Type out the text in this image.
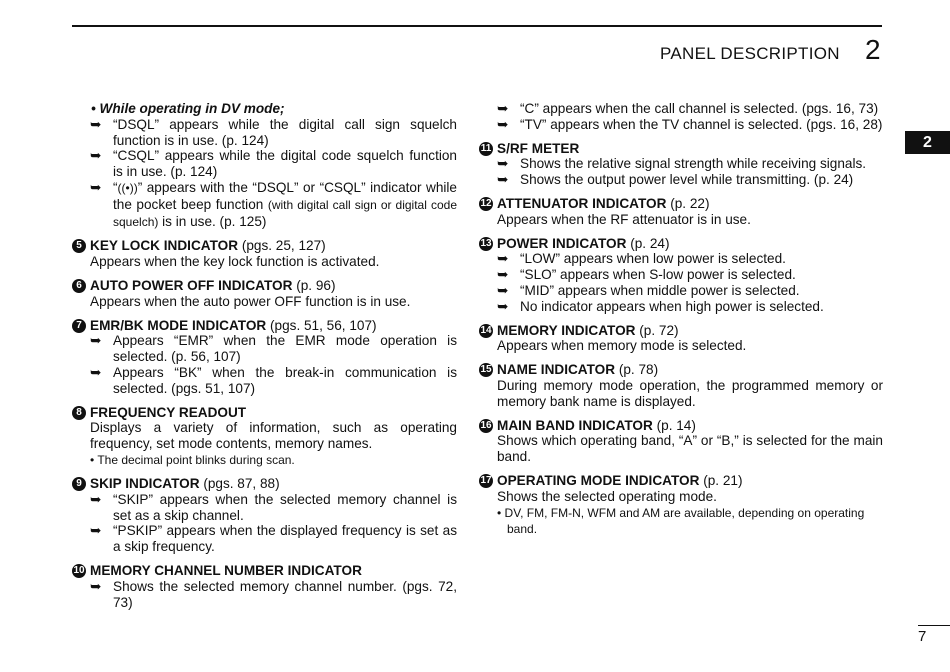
PANEL DESCRIPTION 2
2
7
• While operating in DV mode;
➥ “DSQL” appears while the digital call sign squelch function is in use. (p. 124)
➥ “CSQL” appears while the digital code squelch function is in use. (p. 124)
➥ “((•))” appears with the “DSQL” or “CSQL” indicator while the pocket beep function (with digital call sign or digital code squelch) is in use. (p. 125)
5 KEY LOCK INDICATOR (pgs. 25, 127)
Appears when the key lock function is activated.
6 AUTO POWER OFF INDICATOR (p. 96)
Appears when the auto power OFF function is in use.
7 EMR/BK MODE INDICATOR (pgs. 51, 56, 107)
➥ Appears “EMR” when the EMR mode operation is selected. (p. 56, 107)
➥ Appears “BK” when the break-in communication is selected. (pgs. 51, 107)
8 FREQUENCY READOUT
Displays a variety of information, such as operating frequency, set mode contents, memory names.
• The decimal point blinks during scan.
9 SKIP INDICATOR (pgs. 87, 88)
➥ “SKIP” appears when the selected memory channel is set as a skip channel.
➥ “PSKIP” appears when the displayed frequency is set as a skip frequency.
10 MEMORY CHANNEL NUMBER INDICATOR
➥ Shows the selected memory channel number. (pgs. 72, 73)
➥ “C” appears when the call channel is selected. (pgs. 16, 73)
➥ “TV” appears when the TV channel is selected. (pgs. 16, 28)
11 S/RF METER
➥ Shows the relative signal strength while receiving signals.
➥ Shows the output power level while transmitting. (p. 24)
12 ATTENUATOR INDICATOR (p. 22)
Appears when the RF attenuator is in use.
13 POWER INDICATOR (p. 24)
➥ “LOW” appears when low power is selected.
➥ “SLO” appears when S-low power is selected.
➥ “MID” appears when middle power is selected.
➥ No indicator appears when high power is selected.
14 MEMORY INDICATOR (p. 72)
Appears when memory mode is selected.
15 NAME INDICATOR (p. 78)
During memory mode operation, the programmed memory or memory bank name is displayed.
16 MAIN BAND INDICATOR (p. 14)
Shows which operating band, “A” or “B,” is selected for the main band.
17 OPERATING MODE INDICATOR (p. 21)
Shows the selected operating mode.
• DV, FM, FM-N, WFM and AM are available, depending on operating band.
